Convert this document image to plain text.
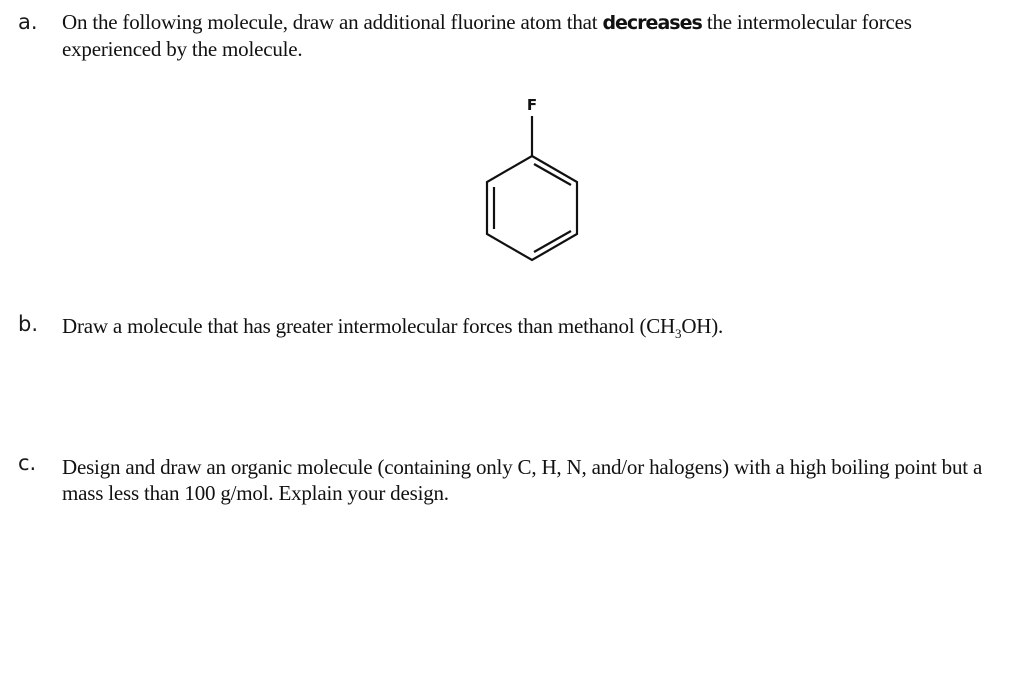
a. On the following molecule, draw an additional fluorine atom that decreases the intermolecular forces experienced by the molecule.
F
b. Draw a molecule that has greater intermolecular forces than methanol $(CH_3OH)$.
c. Design and draw an organic molecule (containing only C, H, N, and/or halogens) with a high boiling point but a mass less than 100 g/mol. Explain your design.
